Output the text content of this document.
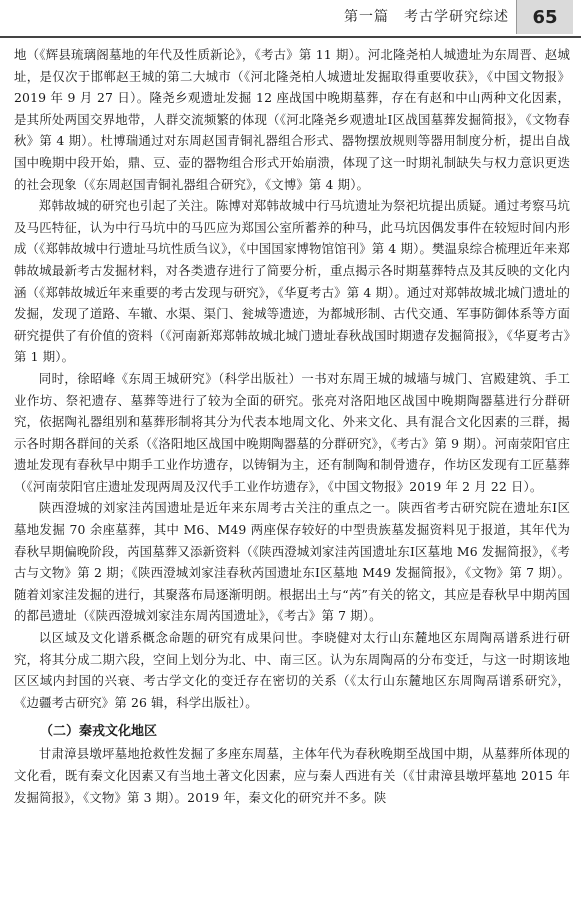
第一篇　考古学研究综述	65

地（《辉县琉璃阁墓地的年代及性质新论》，《考古》第 11 期）。河北隆尧柏人城遗址为东周晋、赵城址，是仅次于邯郸赵王城的第二大城市（《河北隆尧柏人城遗址发掘取得重要收获》，《中国文物报》2019 年 9 月 27 日）。隆尧乡观遗址发掘 12 座战国中晚期墓葬，存在有赵和中山两种文化因素，是其所处两国交界地带，人群交流频繁的体现（《河北隆尧乡观遗址Ⅰ区战国墓葬发掘简报》，《文物春秋》第 4 期）。杜博瑞通过对东周赵国青铜礼器组合形式、器物摆放规则等器用制度分析，提出自战国中晚期中段开始，鼎、豆、壶的器物组合形式开始崩溃，体现了这一时期礼制缺失与权力意识更迭的社会现象（《东周赵国青铜礼器组合研究》，《文博》第 4 期）。

郑韩故城的研究也引起了关注。陈博对郑韩故城中行马坑遗址为祭祀坑提出质疑。通过考察马坑及马匹特征，认为中行马坑中的马匹应为郑国公室所蓄养的种马，此马坑因偶发事件在较短时间内形成（《郑韩故城中行遗址马坑性质刍议》，《中国国家博物馆馆刊》第 4 期）。樊温泉综合梳理近年来郑韩故城最新考古发掘材料，对各类遗存进行了简要分析，重点揭示各时期墓葬特点及其反映的文化内涵（《郑韩故城近年来重要的考古发现与研究》，《华夏考古》第 4 期）。通过对郑韩故城北城门遗址的发掘，发现了道路、车辙、水渠、渠门、瓮城等遗迹，为都城形制、古代交通、军事防御体系等方面研究提供了有价值的资料（《河南新郑郑韩故城北城门遗址春秋战国时期遗存发掘简报》，《华夏考古》第 1 期）。

同时，徐昭峰《东周王城研究》（科学出版社）一书对东周王城的城墙与城门、宫殿建筑、手工业作坊、祭祀遗存、墓葬等进行了较为全面的研究。张亮对洛阳地区战国中晚期陶器墓进行分群研究，依据陶礼器组别和墓葬形制将其分为代表本地周文化、外来文化、具有混合文化因素的三群，揭示各时期各群间的关系（《洛阳地区战国中晚期陶器墓的分群研究》，《考古》第 9 期）。河南荥阳官庄遗址发现有春秋早中期手工业作坊遗存，以铸铜为主，还有制陶和制骨遗存，作坊区发现有工匠墓葬（《河南荥阳官庄遗址发现两周及汉代手工业作坊遗存》，《中国文物报》2019 年 2 月 22 日）。

陕西澄城的刘家洼芮国遗址是近年来东周考古关注的重点之一。陕西省考古研究院在遗址东Ⅰ区墓地发掘 70 余座墓葬，其中 M6、M49 两座保存较好的中型贵族墓发掘资料见于报道，其年代为春秋早期偏晚阶段，芮国墓葬又添新资料（《陕西澄城刘家洼芮国遗址东Ⅰ区墓地 M6 发掘简报》，《考古与文物》第 2 期；《陕西澄城刘家洼春秋芮国遗址东Ⅰ区墓地 M49 发掘简报》，《文物》第 7 期）。随着刘家洼发掘的进行，其聚落布局逐渐明朗。根据出土与“芮”有关的铭文，其应是春秋早中期芮国的都邑遗址（《陕西澄城刘家洼东周芮国遗址》，《考古》第 7 期）。

以区域及文化谱系概念命题的研究有成果问世。李晓健对太行山东麓地区东周陶鬲谱系进行研究，将其分成二期六段，空间上划分为北、中、南三区。认为东周陶鬲的分布变迁，与这一时期该地区区域内封国的兴衰、考古学文化的变迁存在密切的关系（《太行山东麓地区东周陶鬲谱系研究》，《边疆考古研究》第 26 辑，科学出版社）。

（二）秦戎文化地区

甘肃漳县墩坪墓地抢救性发掘了多座东周墓，主体年代为春秋晚期至战国中期，从墓葬所体现的文化看，既有秦文化因素又有当地土著文化因素，应与秦人西进有关（《甘肃漳县墩坪墓地 2015 年发掘简报》，《文物》第 3 期）。2019 年，秦文化的研究并不多。陕
